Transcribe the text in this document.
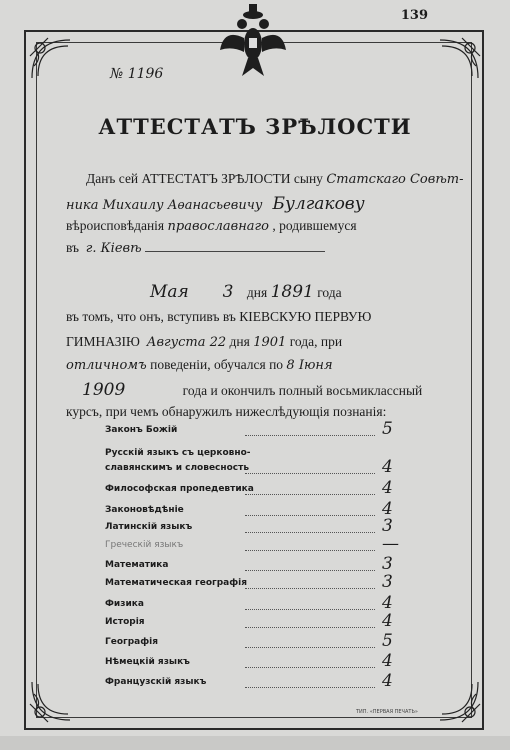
139
№ 1196
АТТЕСТАТЪ ЗРѢЛОСТИ
Данъ сей АТТЕСТАТЪ ЗРѢЛОСТИ сыну Статскаго Совѣт-
ника Михаилу Аѳанасьевичу Булгакову
вѣроисповѣданія православнаго , родившемуся
въ г. Кіевѣ
Мая 3 дня 1891 года
въ томъ, что онъ, вступивъ въ КІЕВСКУЮ ПЕРВУЮ
ГИМНАЗІЮ Августа 22 дня 1901 года, при
отличномъ поведеніи, обучался по 8 Іюня
1909	года и окончилъ полный восьмиклассный
курсъ, при чемъ обнаружилъ нижеслѣдующія познанія:
Законъ Божій	5
Русскій языкъ съ церковно-
славянскимъ и словесность	4
Философская пропедевтика	4
Законовѣдѣніе	4
Латинскій языкъ	3
Греческій языкъ	—
Математика	3
Математическая географія	3
Физика	4
Исторія	4
Географія	5
Нѣмецкій языкъ	4
Французскій языкъ	4
ТИП. «ПЕРВАЯ ПЕЧАТЬ»
